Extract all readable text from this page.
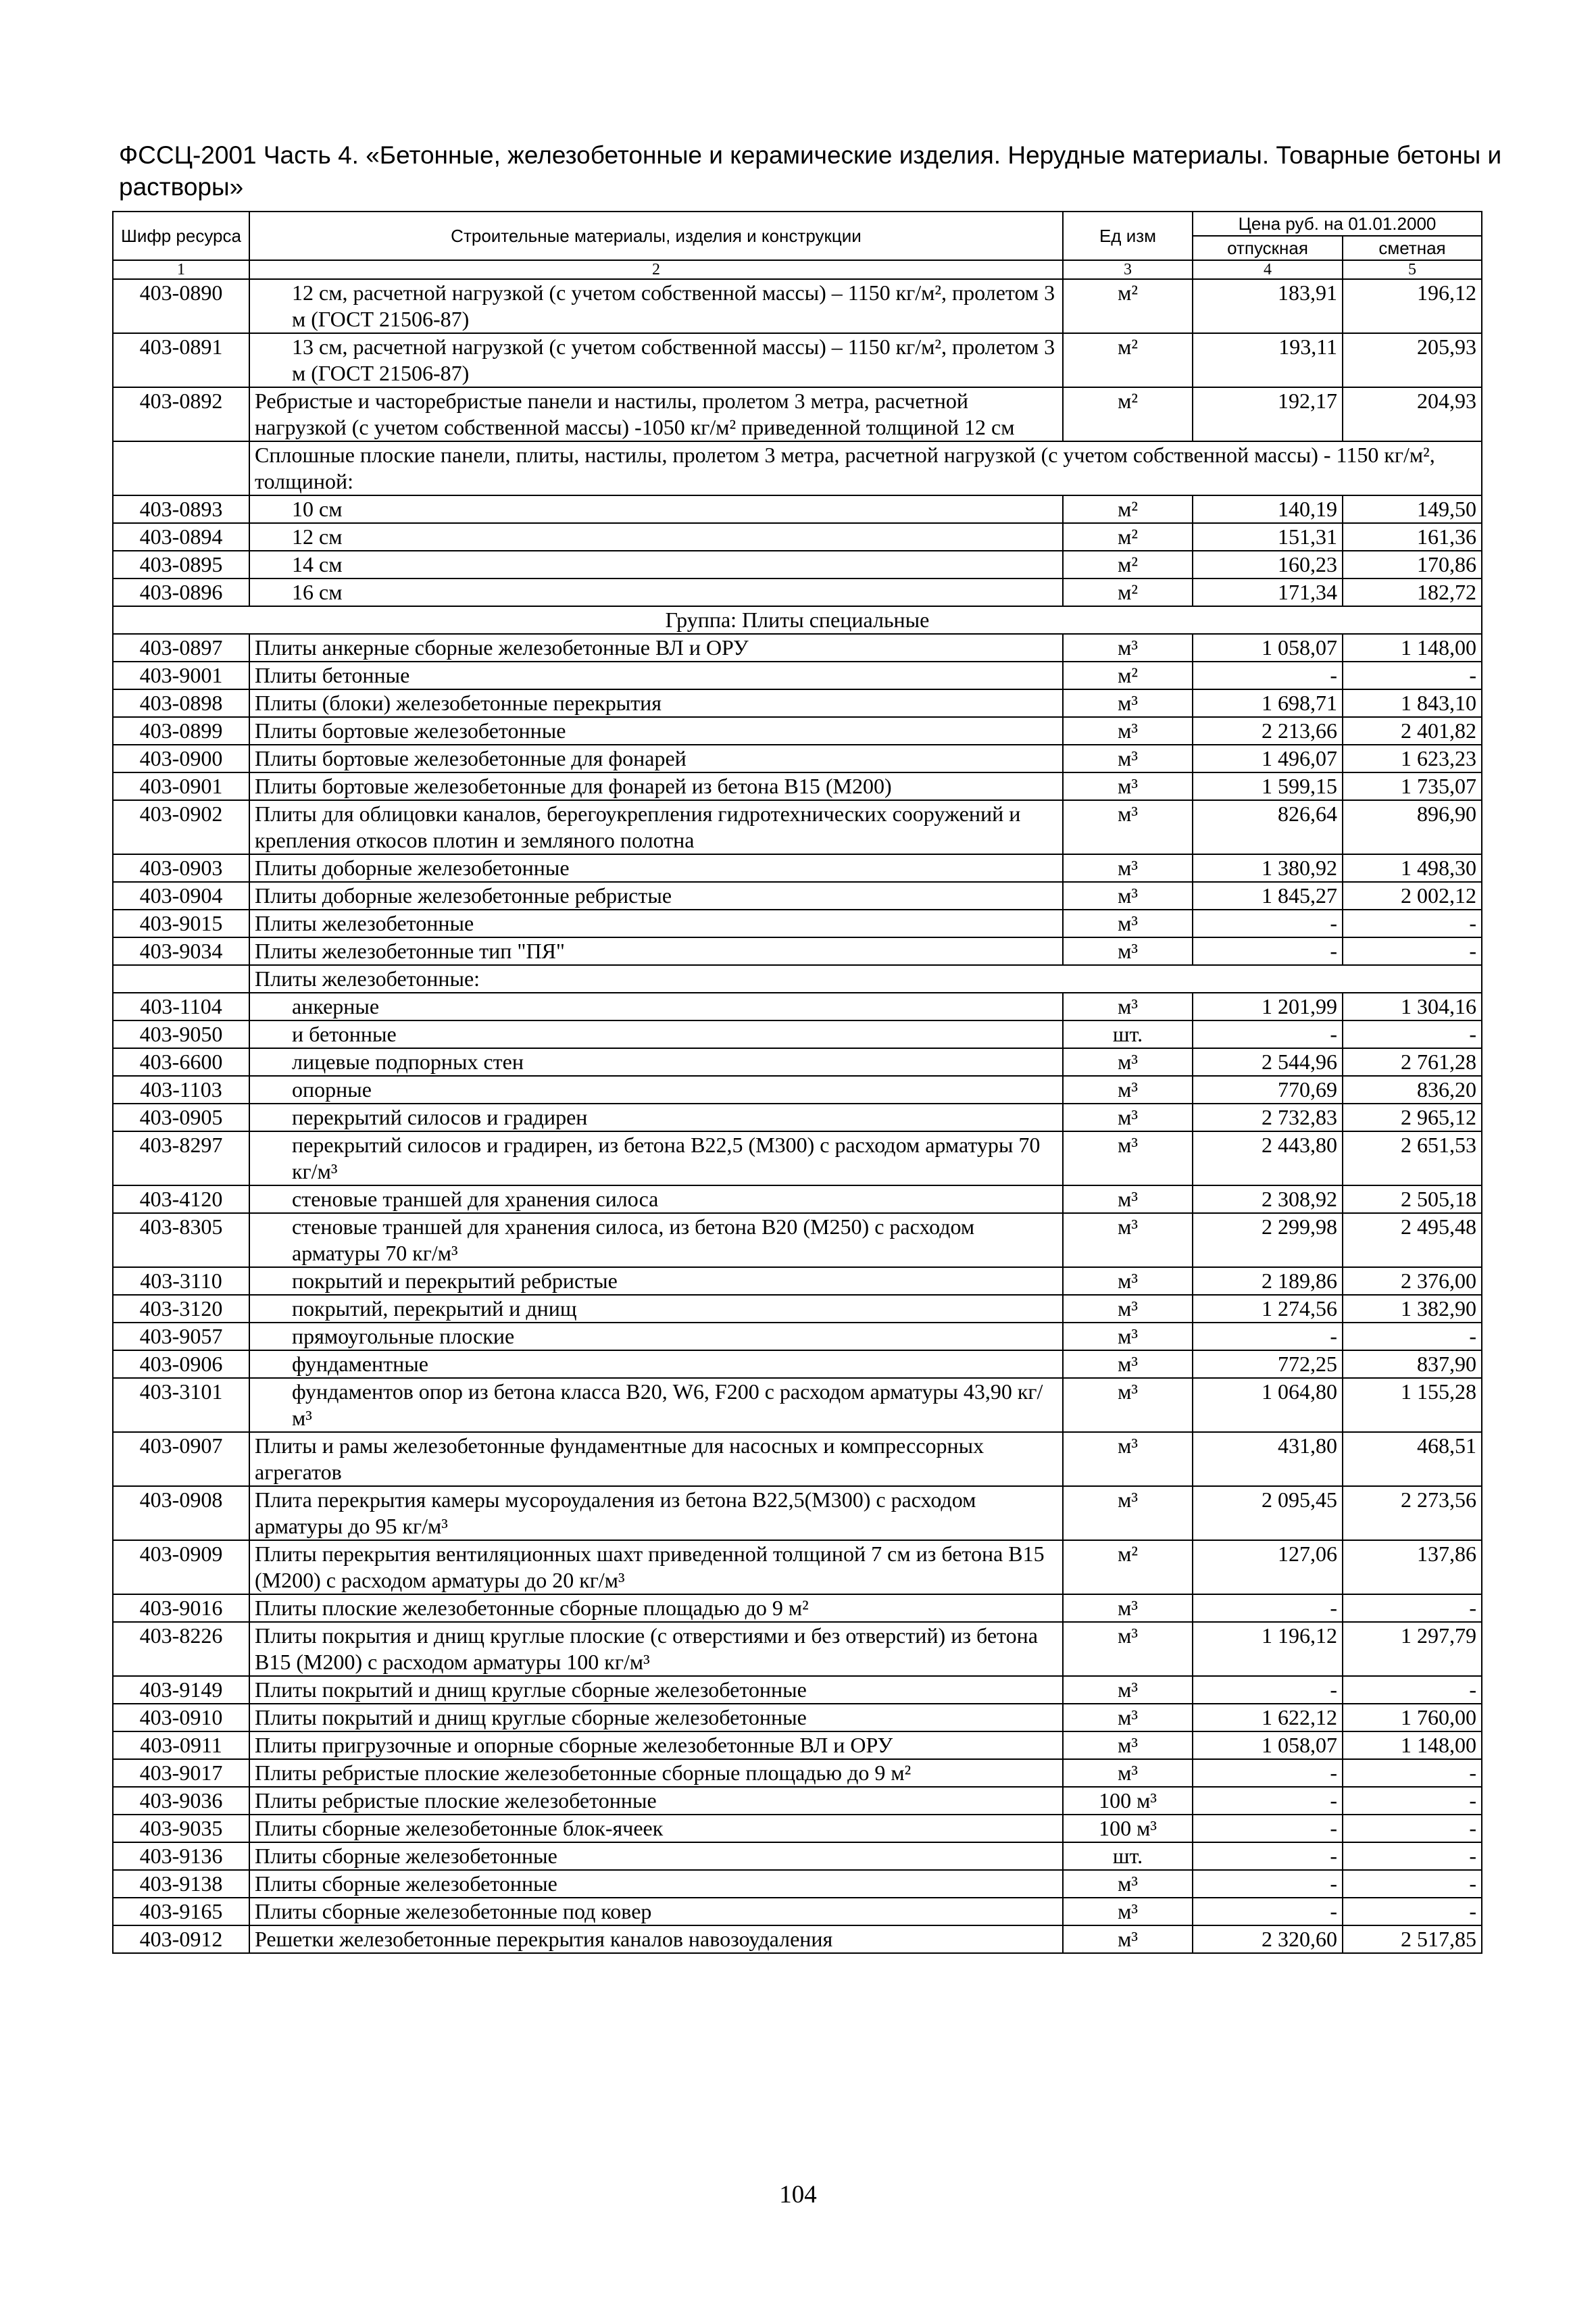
ФССЦ-2001 Часть 4. «Бетонные, железобетонные и керамические изделия. Нерудные материалы. Товарные бетоны и растворы»
Шифр ресурса	Строительные материалы, изделия и конструкции	Ед изм	Цена руб. на 01.01.2000	
			отпускная	сметная
1	2	3	4	5
403-0890	12 см, расчетной нагрузкой (с учетом собственной массы) – 1150 кг/м², пролетом 3 м (ГОСТ 21506-87)	м²	183,91	196,12
403-0891	13 см, расчетной нагрузкой (с учетом собственной массы) – 1150 кг/м², пролетом 3 м (ГОСТ 21506-87)	м²	193,11	205,93
403-0892	Ребристые и часторебристые панели и настилы, пролетом 3 метра, расчетной нагрузкой (с учетом собственной массы) -1050 кг/м² приведенной толщиной 12 см	м²	192,17	204,93
	Сплошные плоские панели, плиты, настилы, пролетом 3 метра, расчетной нагрузкой (с учетом собственной массы) - 1150 кг/м², толщиной:			
403-0893	10 см	м²	140,19	149,50
403-0894	12 см	м²	151,31	161,36
403-0895	14 см	м²	160,23	170,86
403-0896	16 см	м²	171,34	182,72
Группа: Плиты специальные				
403-0897	Плиты анкерные сборные железобетонные ВЛ и ОРУ	м³	1 058,07	1 148,00
403-9001	Плиты бетонные	м²	-	-
403-0898	Плиты (блоки) железобетонные перекрытия	м³	1 698,71	1 843,10
403-0899	Плиты бортовые железобетонные	м³	2 213,66	2 401,82
403-0900	Плиты бортовые железобетонные для фонарей	м³	1 496,07	1 623,23
403-0901	Плиты бортовые железобетонные для фонарей из бетона В15 (М200)	м³	1 599,15	1 735,07
403-0902	Плиты для облицовки каналов, берегоукрепления гидротехнических сооружений и крепления откосов плотин и земляного полотна	м³	826,64	896,90
403-0903	Плиты доборные железобетонные	м³	1 380,92	1 498,30
403-0904	Плиты доборные железобетонные ребристые	м³	1 845,27	2 002,12
403-9015	Плиты железобетонные	м³	-	-
403-9034	Плиты железобетонные тип "ПЯ"	м³	-	-
	Плиты железобетонные:			
403-1104	анкерные	м³	1 201,99	1 304,16
403-9050	и бетонные	шт.	-	-
403-6600	лицевые подпорных стен	м³	2 544,96	2 761,28
403-1103	опорные	м³	770,69	836,20
403-0905	перекрытий силосов и градирен	м³	2 732,83	2 965,12
403-8297	перекрытий силосов и градирен, из бетона В22,5 (М300) с расходом арматуры 70 кг/м³	м³	2 443,80	2 651,53
403-4120	стеновые траншей для хранения силоса	м³	2 308,92	2 505,18
403-8305	стеновые траншей для хранения силоса, из бетона В20 (М250) с расходом арматуры 70 кг/м³	м³	2 299,98	2 495,48
403-3110	покрытий и перекрытий ребристые	м³	2 189,86	2 376,00
403-3120	покрытий, перекрытий и днищ	м³	1 274,56	1 382,90
403-9057	прямоугольные плоские	м³	-	-
403-0906	фундаментные	м³	772,25	837,90
403-3101	фундаментов опор из бетона класса В20, W6, F200 с расходом арматуры 43,90 кг/м³	м³	1 064,80	1 155,28
403-0907	Плиты и рамы железобетонные фундаментные для насосных и компрессорных агрегатов	м³	431,80	468,51
403-0908	Плита перекрытия камеры мусороудаления из бетона В22,5(М300) с расходом арматуры до 95 кг/м³	м³	2 095,45	2 273,56
403-0909	Плиты перекрытия вентиляционных шахт приведенной толщиной 7 см из бетона В15 (М200) с расходом арматуры до 20 кг/м³	м²	127,06	137,86
403-9016	Плиты плоские железобетонные сборные площадью до 9 м²	м³	-	-
403-8226	Плиты покрытия и днищ круглые плоские (с отверстиями и без отверстий) из бетона В15 (М200) с расходом арматуры 100 кг/м³	м³	1 196,12	1 297,79
403-9149	Плиты покрытий и днищ круглые сборные железобетонные	м³	-	-
403-0910	Плиты покрытий и днищ круглые сборные железобетонные	м³	1 622,12	1 760,00
403-0911	Плиты пригрузочные и опорные сборные железобетонные ВЛ и ОРУ	м³	1 058,07	1 148,00
403-9017	Плиты ребристые плоские железобетонные сборные площадью до 9 м²	м³	-	-
403-9036	Плиты ребристые плоские железобетонные	100 м³	-	-
403-9035	Плиты сборные железобетонные блок-ячеек	100 м³	-	-
403-9136	Плиты сборные железобетонные	шт.	-	-
403-9138	Плиты сборные железобетонные	м³	-	-
403-9165	Плиты сборные железобетонные под ковер	м³	-	-
403-0912	Решетки железобетонные перекрытия каналов навозоудаления	м³	2 320,60	2 517,85
104
